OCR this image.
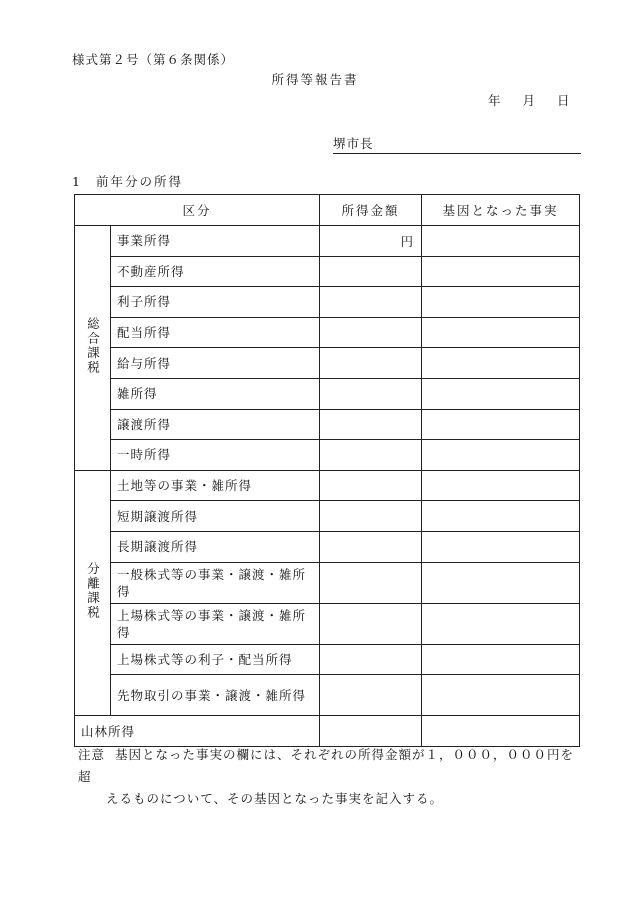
様式第２号（第６条関係）
所得等報告書
年 月 日
堺市長
1 前年分の所得
区分		所得金額	基因となった事実
総合課税	事業所得	円	
	不動産所得		
	利子所得		
	配当所得		
	給与所得		
	雑所得		
	譲渡所得		
	一時所得		
分離課税	土地等の事業・雑所得		
	短期譲渡所得		
	長期譲渡所得		
	一般株式等の事業・譲渡・雑所得		
	上場株式等の事業・譲渡・雑所得		
	上場株式等の利子・配当所得		
	先物取引の事業・譲渡・雑所得		
山林所得			
注意 基因となった事実の欄には、それぞれの所得金額が１，０００，０００円を超
えるものについて、その基因となった事実を記入する。
